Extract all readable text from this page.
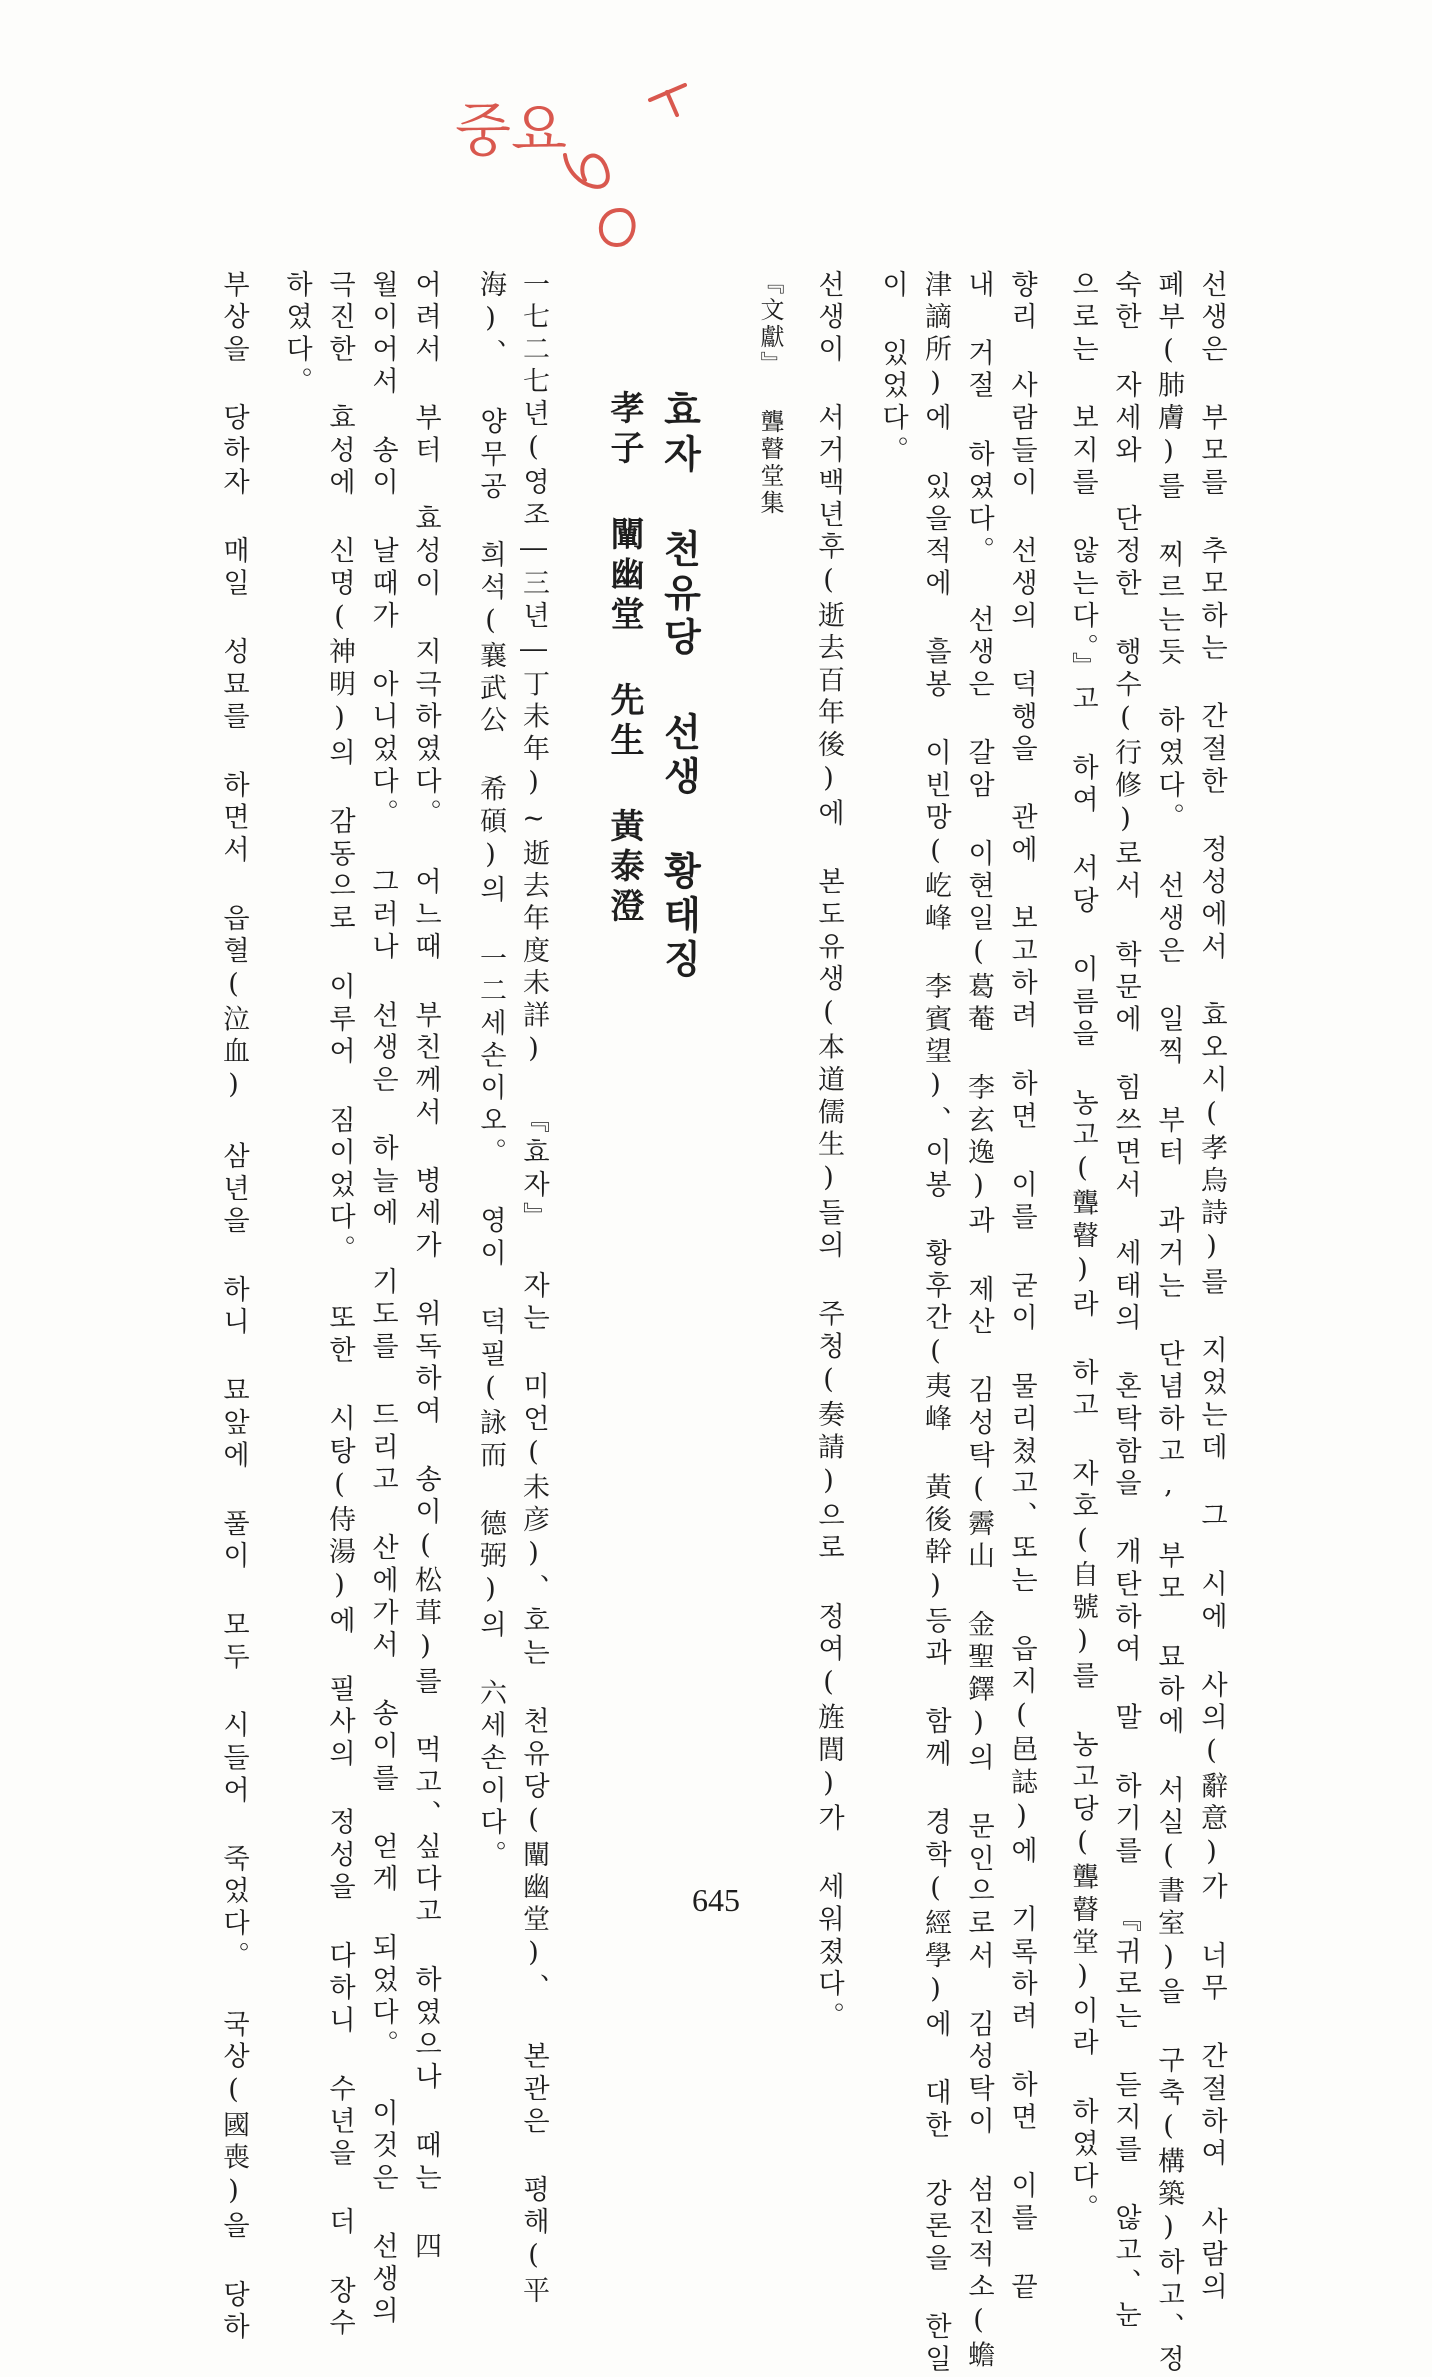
중요
선생은 부모를 추모하는 간절한 정성에서 효오시(孝烏詩)를 지었는데 그 시에 사의(辭意)가 너무 간절하여 사람의
폐부(肺膚)를 찌르는듯 하였다。 선생은 일찍 부터 과거는 단념하고, 부모 묘하에 서실(書室)을 구축(構築)하고、정
숙한 자세와 단정한 행수(行修)로서 학문에 힘쓰면서 세태의 혼탁함을 개탄하여 말 하기를 『귀로는 듣지를 않고、눈
으로는 보지를 않는다。』고 하여 서당 이름을 농고(聾瞽)라 하고 자호(自號)를 농고당(聾瞽堂)이라 하였다。
향리 사람들이 선생의 덕행을 관에 보고하려 하면 이를 굳이 물리쳤고、또는 읍지(邑誌)에 기록하려 하면 이를 끝
내 거절 하였다。 선생은 갈암 이현일(葛菴 李玄逸)과 제산 김성탁(霽山 金聖鐸)의 문인으로서 김성탁이 섬진적소(蟾
津謫所)에 있을적에 흘봉 이빈망(屹峰 李賓望)、이봉 황후간(夷峰 黃後幹)등과 함께 경학(經學)에 대한 강론을 한일
이 있었다。
선생이 서거백년후(逝去百年後)에 본도유생(本道儒生)들의 주청(奏請)으로 정여(旌閭)가 세워졌다。
『文獻』 聾瞽堂集
효자 천유당 선생 황태징
孝子 闡幽堂 先生 黃泰澄
一七二七년(영조―三년―丁未年)~逝去年度未詳) 『효자』 자는 미언(未彦)、호는 천유당(闡幽堂)、 본관은 평해(平
海)、 양무공 희석(襄武公 希碩)의 一二세손이오。 영이 덕필(詠而 德弼)의 六세손이다。
어려서 부터 효성이 지극하였다。 어느때 부친께서 병세가 위독하여 송이(松茸)를 먹고、싶다고 하였으나 때는 四
월이어서 송이 날때가 아니었다。 그러나 선생은 하늘에 기도를 드리고 산에가서 송이를 얻게 되었다。 이것은 선생의
극진한 효성에 신명(神明)의 감동으로 이루어 짐이었다。 또한 시탕(侍湯)에 필사의 정성을 다하니 수년을 더 장수
하였다。
부상을 당하자 매일 성묘를 하면서 읍혈(泣血) 삼년을 하니 묘앞에 풀이 모두 시들어 죽었다。 국상(國喪)을 당하	645
